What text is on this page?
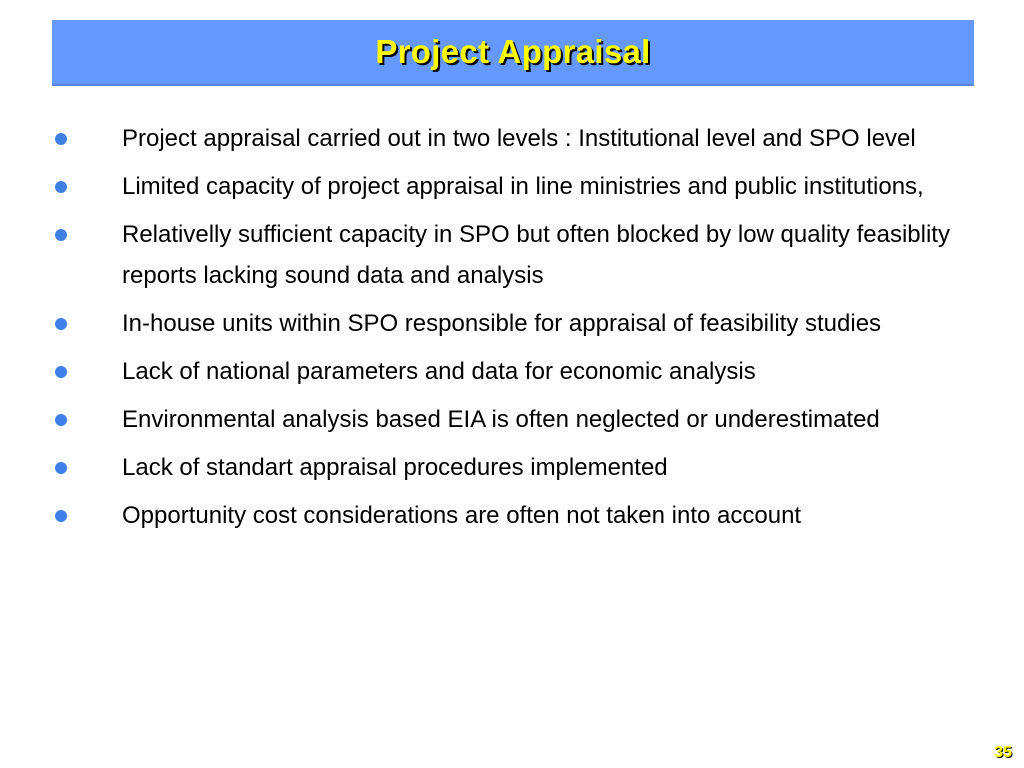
Project Appraisal
Project appraisal carried out in two levels : Institutional level and SPO level
Limited capacity of project appraisal in line ministries and public institutions,
Relativelly sufficient capacity in SPO but often blocked by low quality feasiblity reports lacking sound data and analysis
In-house units within SPO responsible for appraisal of feasibility studies
Lack of national parameters and data for economic analysis
Environmental analysis based EIA is often neglected or underestimated
Lack of standart appraisal procedures implemented
Opportunity cost considerations are often not taken into account
35
